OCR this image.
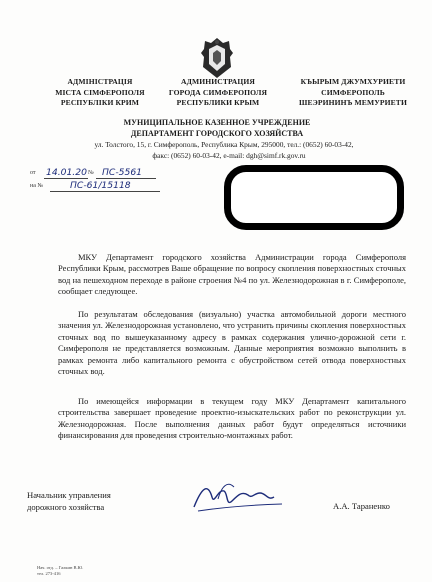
АДМІНІСТРАЦІЯ
МІСТА СІМФЕРОПОЛЯ
РЕСПУБЛІКИ КРИМ
АДМИНИСТРАЦИЯ
ГОРОДА СИМФЕРОПОЛЯ
РЕСПУБЛИКИ КРЫМ
КЪЫРЫМ ДЖУМХУРИЕТИ
СИМФЕРОПОЛЬ
ШЕЭРИНИНЪ МЕМУРИЕТИ
МУНИЦИПАЛЬНОЕ КАЗЕННОЕ УЧРЕЖДЕНИЕ
ДЕПАРТАМЕНТ ГОРОДСКОГО ХОЗЯЙСТВА
ул. Толстого, 15, г. Симферополь, Республика Крым, 295000, тел.: (0652) 60-03-42,
факс: (0652) 60-03-42, e-mail: dgh@simf.rk.gov.ru
от 14.01.20 № ПС-5561
на №	ПС-61/15118
МКУ Департамент городского хозяйства Администрации города Симферополя Республики Крым, рассмотрев Ваше обращение по вопросу скопления поверхностных сточных вод на пешеходном переходе в районе строения №4 по ул. Железнодорожная в г. Симферополе, сообщает следующее.
По результатам обследования (визуально) участка автомобильной дороги местного значения ул. Железнодорожная установлено, что устранить причины скопления поверхностных сточных вод по вышеуказанному адресу в рамках содержания улично-дорожной сети г. Симферополя не представляется возможным. Данные мероприятия возможно выполнить в рамках ремонта либо капитального ремонта с обустройством сетей отвода поверхностных сточных вод.
По имеющейся информации в текущем году МКУ Департамент капитального строительства завершает проведение проектно-изыскательских работ по реконструкции ул. Железнодорожная. После выполнения данных работ будут определяться источники финансирования для проведения строительно-монтажных работ.
Начальник управления
дорожного хозяйства	А.А. Тараненко
Нач. отд. – Галкин В.Ю.
тел. 273-416
